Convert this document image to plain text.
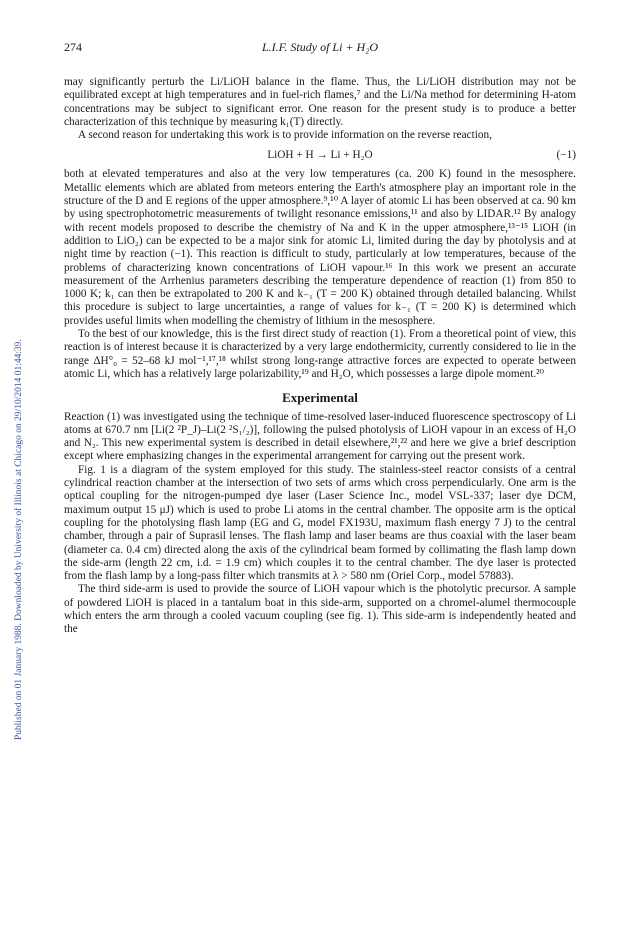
Published on 01 January 1988. Downloaded by University of Illinois at Chicago on 29/10/2014 01:44:39.
274	L.I.F. Study of Li + H₂O

may significantly perturb the Li/LiOH balance in the flame. Thus, the Li/LiOH distribution may not be equilibrated except at high temperatures and in fuel-rich flames,⁷ and the Li/Na method for determining H-atom concentrations may be subject to significant error. One reason for the present study is to produce a better characterization of this technique by measuring k₁(T) directly.

A second reason for undertaking this work is to provide information on the reverse reaction,

LiOH + H → Li + H₂O	(−1)

both at elevated temperatures and also at the very low temperatures (ca. 200 K) found in the mesosphere. Metallic elements which are ablated from meteors entering the Earth's atmosphere play an important role in the structure of the D and E regions of the upper atmosphere.⁹,¹⁰ A layer of atomic Li has been observed at ca. 90 km by using spectrophotometric measurements of twilight resonance emissions,¹¹ and also by LIDAR.¹² By analogy with recent models proposed to describe the chemistry of Na and K in the upper atmosphere,¹³⁻¹⁵ LiOH (in addition to LiO₂) can be expected to be a major sink for atomic Li, limited during the day by photolysis and at night time by reaction (−1). This reaction is difficult to study, particularly at low temperatures, because of the problems of characterizing known concentrations of LiOH vapour.¹⁶ In this work we present an accurate measurement of the Arrhenius parameters describing the temperature dependence of reaction (1) from 850 to 1000 K; k₁ can then be extrapolated to 200 K and k₋₁ (T = 200 K) obtained through detailed balancing. Whilst this procedure is subject to large uncertainties, a range of values for k₋₁ (T = 200 K) is determined which provides useful limits when modelling the chemistry of lithium in the mesosphere.

To the best of our knowledge, this is the first direct study of reaction (1). From a theoretical point of view, this reaction is of interest because it is characterized by a very large endothermicity, currently considered to lie in the range ΔH°₀ = 52–68 kJ mol⁻¹,¹⁷,¹⁸ whilst strong long-range attractive forces are expected to operate between atomic Li, which has a relatively large polarizability,¹⁹ and H₂O, which possesses a large dipole moment.²⁰

Experimental

Reaction (1) was investigated using the technique of time-resolved laser-induced fluorescence spectroscopy of Li atoms at 670.7 nm [Li(2 ²P_J)–Li(2 ²S₁/₂)], following the pulsed photolysis of LiOH vapour in an excess of H₂O and N₂. This new experimental system is described in detail elsewhere,²¹,²² and here we give a brief description except where emphasizing changes in the experimental arrangement for carrying out the present work.

Fig. 1 is a diagram of the system employed for this study. The stainless-steel reactor consists of a central cylindrical reaction chamber at the intersection of two sets of arms which cross perpendicularly. One arm is the optical coupling for the nitrogen-pumped dye laser (Laser Science Inc., model VSL-337; laser dye DCM, maximum output 15 μJ) which is used to probe Li atoms in the central chamber. The opposite arm is the optical coupling for the photolysing flash lamp (EG and G, model FX193U, maximum flash energy 7 J) to the central chamber, through a pair of Suprasil lenses. The flash lamp and laser beams are thus coaxial with the laser beam (diameter ca. 0.4 cm) directed along the axis of the cylindrical beam formed by collimating the flash lamp down the side-arm (length 22 cm, i.d. = 1.9 cm) which couples it to the central chamber. The dye laser is protected from the flash lamp by a long-pass filter which transmits at λ > 580 nm (Oriel Corp., model 57883).

The third side-arm is used to provide the source of LiOH vapour which is the photolytic precursor. A sample of powdered LiOH is placed in a tantalum boat in this side-arm, supported on a chromel-alumel thermocouple which enters the arm through a cooled vacuum coupling (see fig. 1). This side-arm is independently heated and the
